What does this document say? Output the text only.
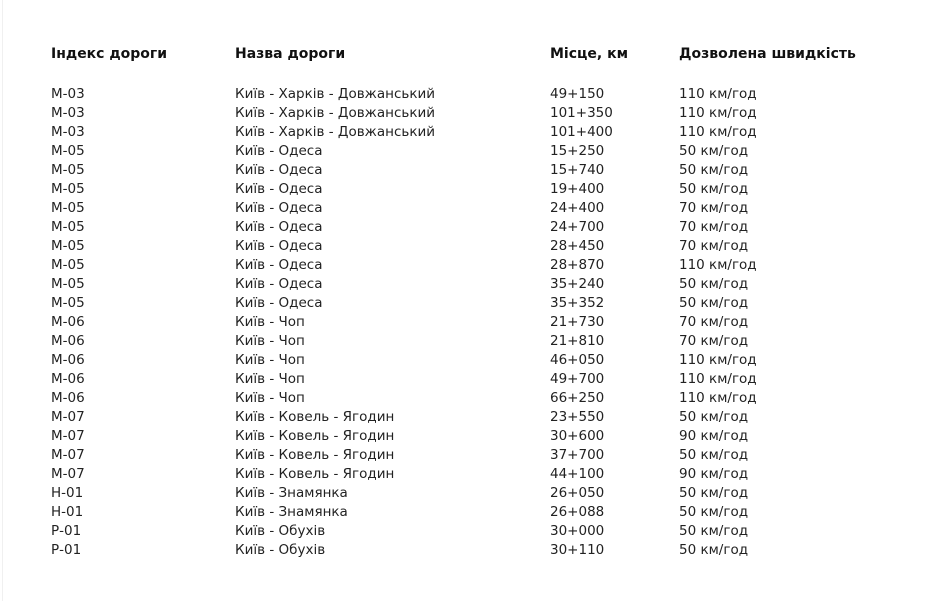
Індекс дороги	Назва дороги	Місце, км	Дозволена швидкість

М-03	Київ - Харків - Довжанський	49+150	110 км/год
М-03	Київ - Харків - Довжанський	101+350	110 км/год
М-03	Київ - Харків - Довжанський	101+400	110 км/год
М-05	Київ - Одеса	15+250	50 км/год
М-05	Київ - Одеса	15+740	50 км/год
М-05	Київ - Одеса	19+400	50 км/год
М-05	Київ - Одеса	24+400	70 км/год
М-05	Київ - Одеса	24+700	70 км/год
М-05	Київ - Одеса	28+450	70 км/год
М-05	Київ - Одеса	28+870	110 км/год
М-05	Київ - Одеса	35+240	50 км/год
М-05	Київ - Одеса	35+352	50 км/год
М-06	Київ - Чоп	21+730	70 км/год
М-06	Київ - Чоп	21+810	70 км/год
М-06	Київ - Чоп	46+050	110 км/год
М-06	Київ - Чоп	49+700	110 км/год
М-06	Київ - Чоп	66+250	110 км/год
М-07	Київ - Ковель - Ягодин	23+550	50 км/год
М-07	Київ - Ковель - Ягодин	30+600	90 км/год
М-07	Київ - Ковель - Ягодин	37+700	50 км/год
М-07	Київ - Ковель - Ягодин	44+100	90 км/год
Н-01	Київ - Знамянка	26+050	50 км/год
Н-01	Київ - Знамянка	26+088	50 км/год
Р-01	Київ - Обухів	30+000	50 км/год
Р-01	Київ - Обухів	30+110	50 км/год
